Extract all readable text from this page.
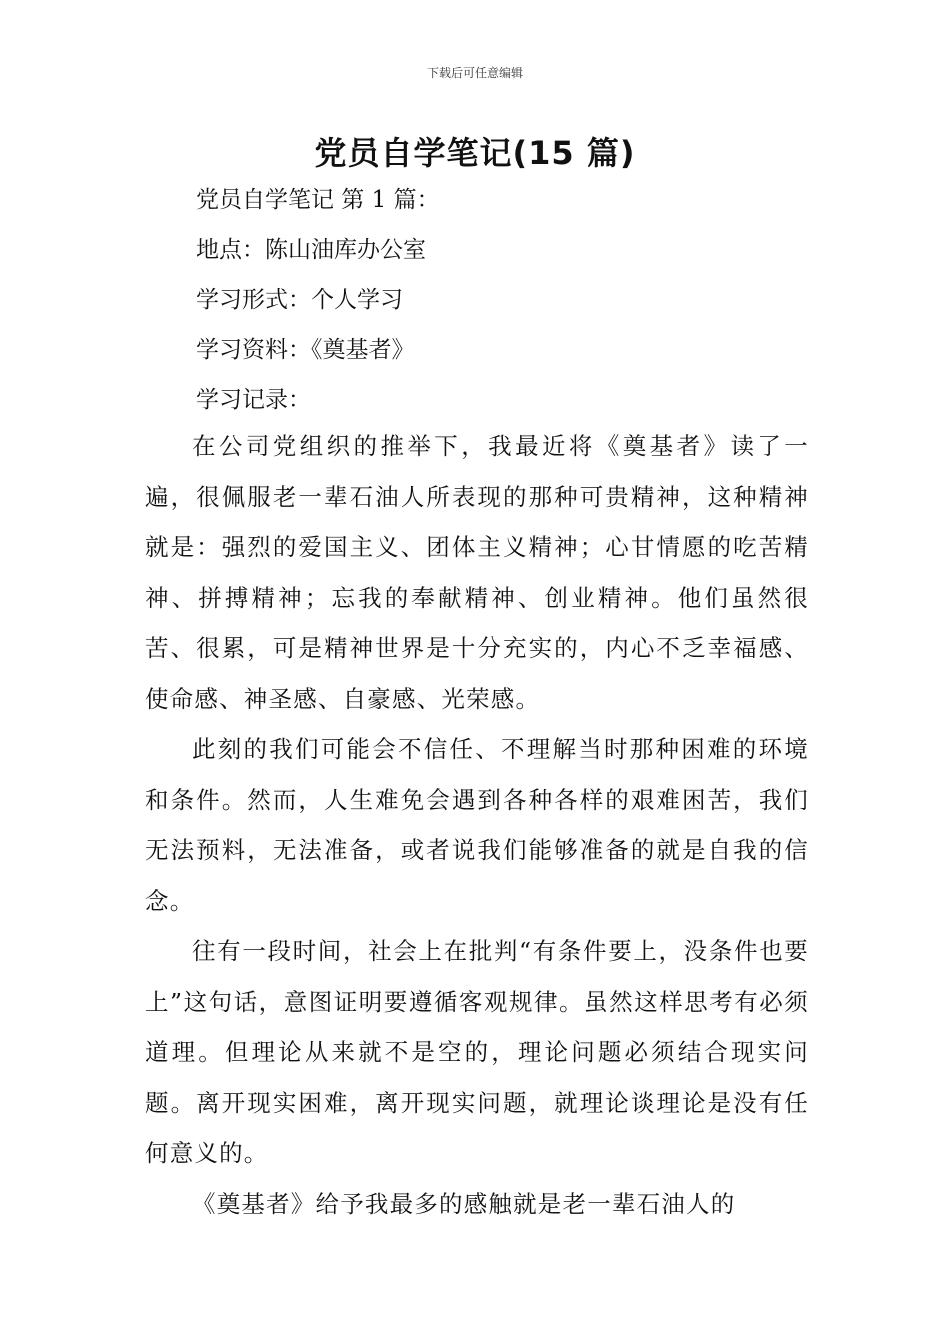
下载后可任意编辑
党员自学笔记(15 篇)
党员自学笔记 第 1 篇：
地点：陈山油库办公室
学习形式：个人学习
学习资料：《奠基者》
学习记录：

在公司党组织的推举下，我最近将《奠基者》读了一遍，很佩服老一辈石油人所表现的那种可贵精神，这种精神就是：强烈的爱国主义、团体主义精神；心甘情愿的吃苦精神、拼搏精神；忘我的奉献精神、创业精神。他们虽然很苦、很累，可是精神世界是十分充实的，内心不乏幸福感、使命感、神圣感、自豪感、光荣感。

此刻的我们可能会不信任、不理解当时那种困难的环境和条件。然而，人生难免会遇到各种各样的艰难困苦，我们无法预料，无法准备，或者说我们能够准备的就是自我的信念。

往有一段时间，社会上在批判“有条件要上，没条件也要上”这句话，意图证明要遵循客观规律。虽然这样思考有必须道理。但理论从来就不是空的，理论问题必须结合现实问题。离开现实困难，离开现实问题，就理论谈理论是没有任何意义的。

《奠基者》给予我最多的感触就是老一辈石油人的
